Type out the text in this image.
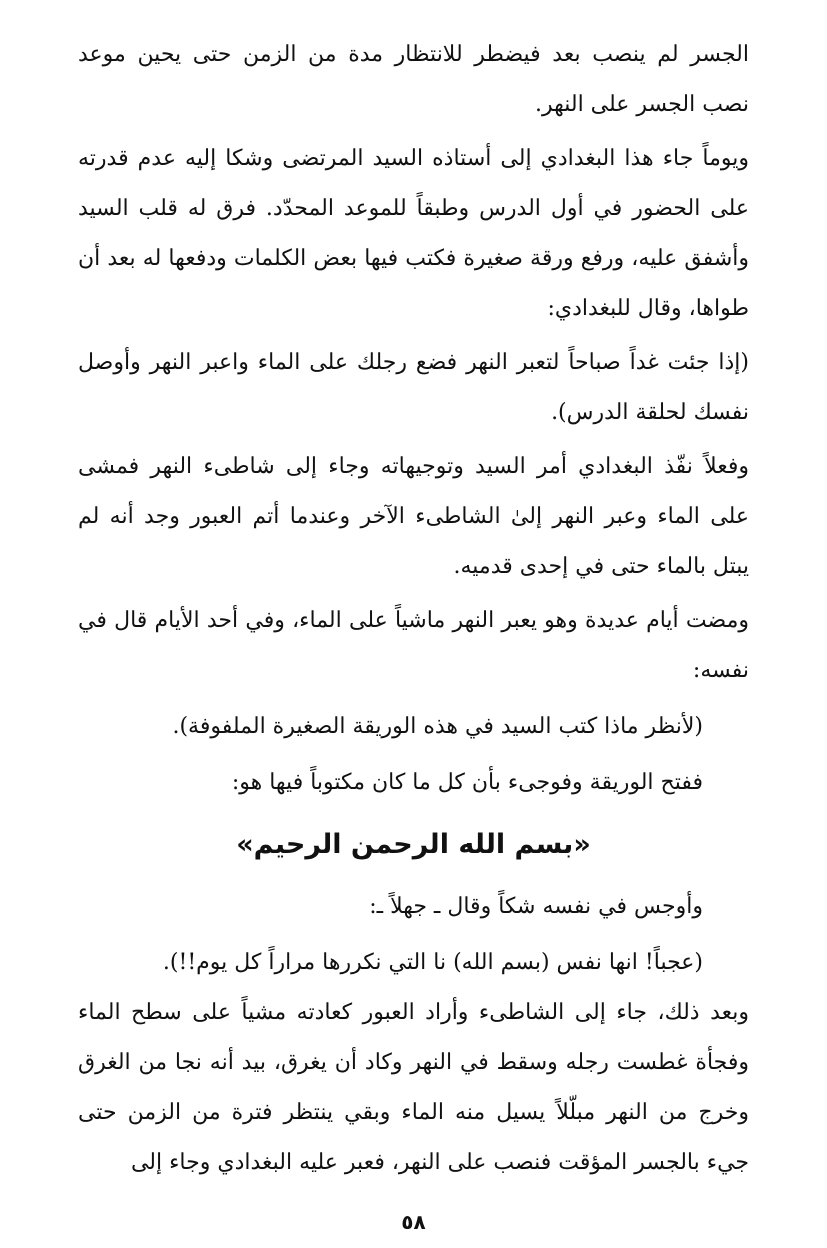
الجسر لم ينصب بعد فيضطر للانتظار مدة من الزمن حتى يحين موعد نصب الجسر على النهر.

ويوماً جاء هذا البغدادي إلى أستاذه السيد المرتضى وشكا إليه عدم قدرته على الحضور في أول الدرس وطبقاً للموعد المحدّد. فرق له قلب السيد وأشفق عليه، ورفع ورقة صغيرة فكتب فيها بعض الكلمات ودفعها له بعد أن طواها، وقال للبغدادي:

(إذا جئت غداً صباحاً لتعبر النهر فضع رجلك على الماء واعبر النهر وأوصل نفسك لحلقة الدرس).

وفعلاً نفّذ البغدادي أمر السيد وتوجيهاته وجاء إلى شاطىء النهر فمشى على الماء وعبر النهر إلىٰ الشاطىء الآخر وعندما أتم العبور وجد أنه لم يبتل بالماء حتى في إحدى قدميه.

ومضت أيام عديدة وهو يعبر النهر ماشياً على الماء، وفي أحد الأيام قال في نفسه:

(لأنظر ماذا كتب السيد في هذه الوريقة الصغيرة الملفوفة).

ففتح الوريقة وفوجىء بأن كل ما كان مكتوباً فيها هو:

«بسم الله الرحمن الرحيم»

وأوجس في نفسه شكاً وقال ـ جهلاً ـ:

(عجباً! انها نفس (بسم الله) نا التي نكررها مراراً كل يوم!!).

وبعد ذلك، جاء إلى الشاطىء وأراد العبور كعادته مشياً على سطح الماء وفجأة غطست رجله وسقط في النهر وكاد أن يغرق، بيد أنه نجا من الغرق وخرج من النهر مبلّلاً يسيل منه الماء وبقي ينتظر فترة من الزمن حتى جيء بالجسر المؤقت فنصب على النهر، فعبر عليه البغدادي وجاء إلى

٥٨
